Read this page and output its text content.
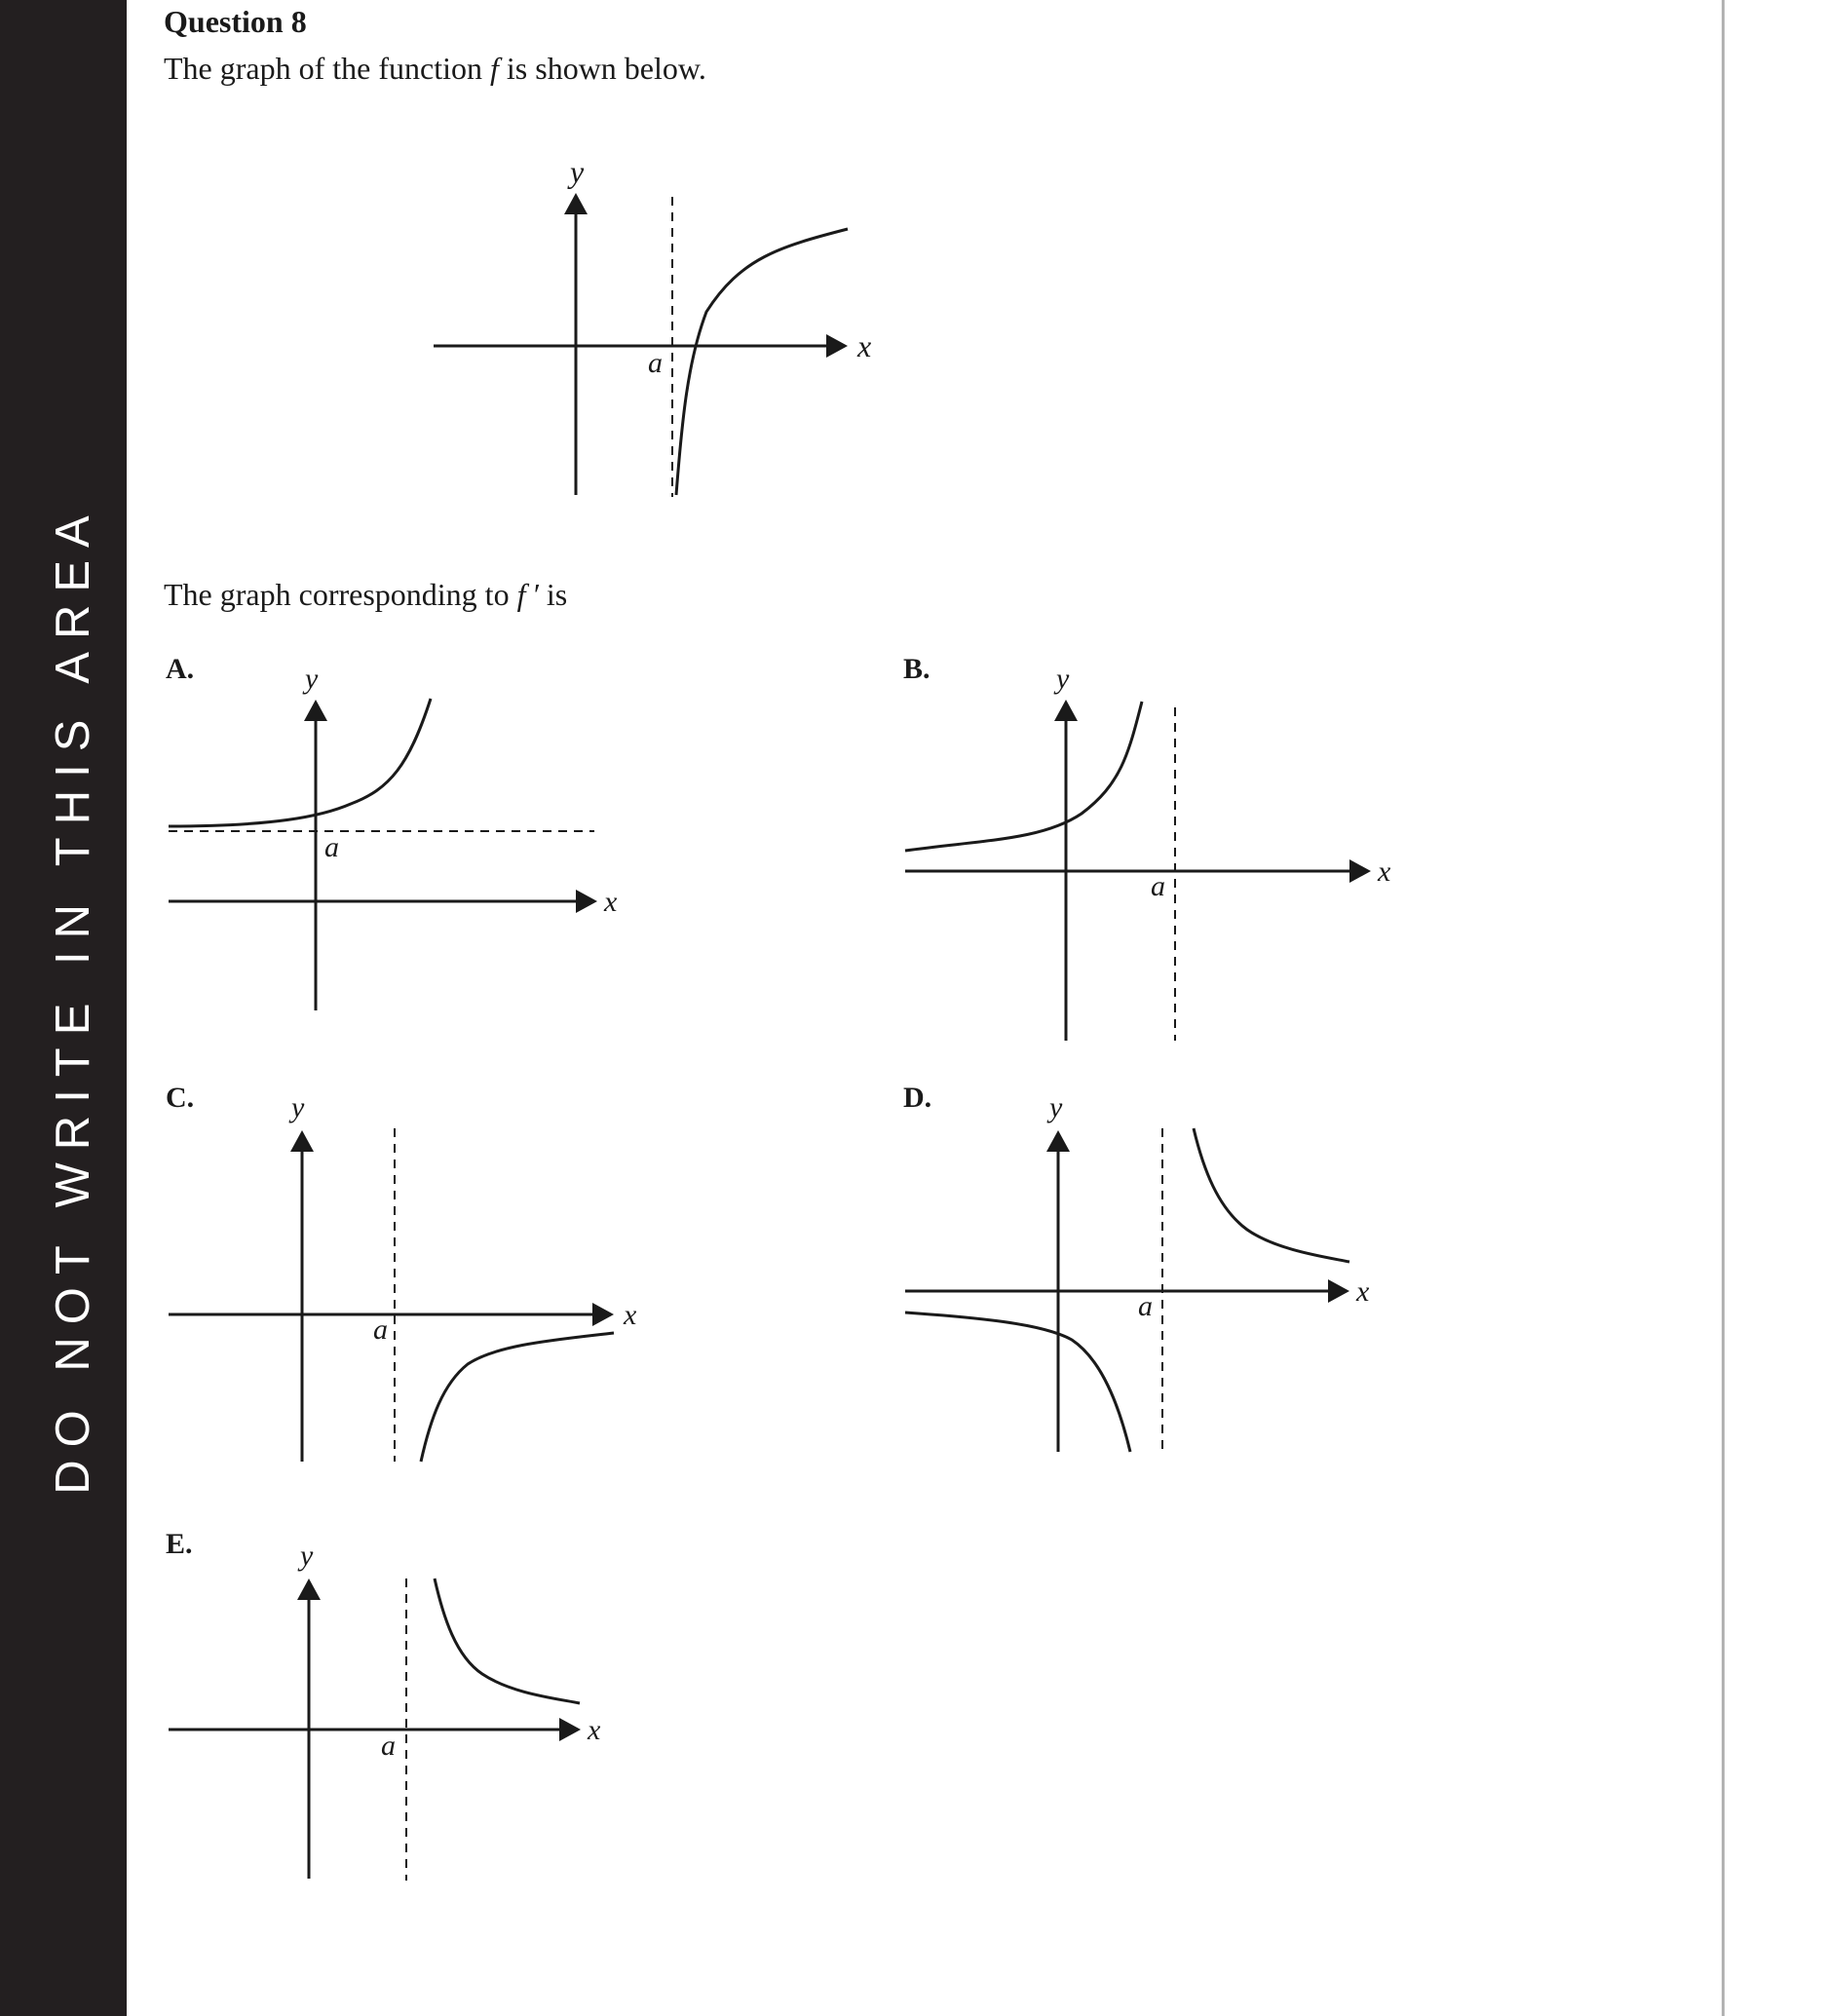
DO NOT WRITE IN THIS AREA
Question 8
The graph of the function f is shown below.
The graph corresponding to f ′ is
A.	B.
C.	D.
E.
y
x
a
y
x
a
y
x
a
y
x
a
y
x
a
y
x
a
